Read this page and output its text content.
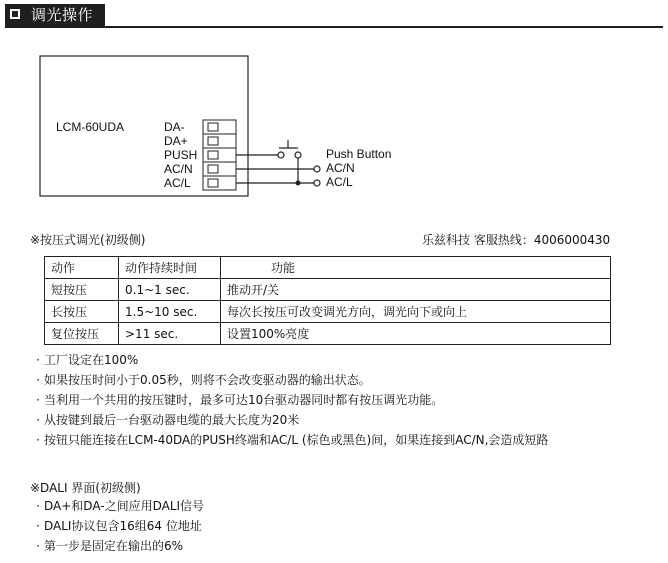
调光操作
LCM-60UDA	DA-
DA+
PUSH
AC/N
AC/L
Push Button
AC/N
AC/L
※按压式调光(初级侧)	乐兹科技 客服热线：4006000430
动作	动作持续时间	功能
短按压	0.1~1 sec.	推动开/关
长按压	1.5~10 sec.	每次长按压可改变调光方向，调光向下或向上
复位按压	>11 sec.	设置100%亮度
· 工厂设定在100%
· 如果按压时间小于0.05秒，则将不会改变驱动器的输出状态。
· 当利用一个共用的按压键时，最多可达10台驱动器同时都有按压调光功能。
· 从按键到最后一台驱动器电缆的最大长度为20米
· 按钮只能连接在LCM-40DA的PUSH终端和AC/L (棕色或黑色)间，如果连接到AC/N,会造成短路
※DALI 界面(初级侧)
· DA+和DA-之间应用DALI信号
· DALI协议包含16组64 位地址
· 第一步是固定在输出的6%
